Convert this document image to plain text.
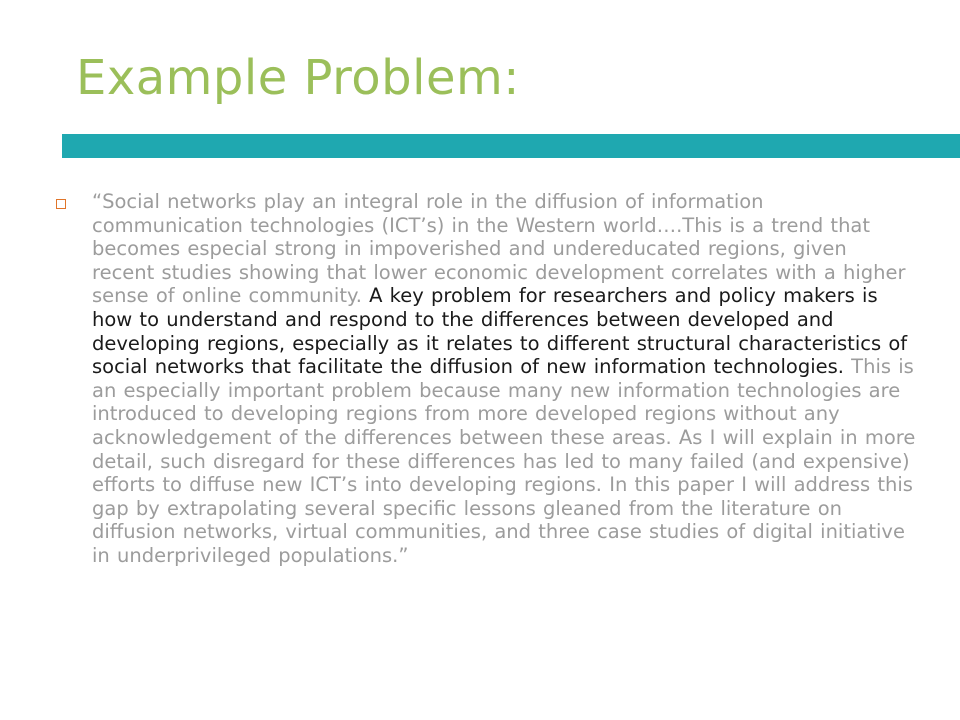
Example Problem:

“Social networks play an integral role in the diffusion of information communication technologies (ICT’s) in the Western world….This is a trend that becomes especial strong in impoverished and undereducated regions, given recent studies showing that lower economic development correlates with a higher sense of online community. A key problem for researchers and policy makers is how to understand and respond to the differences between developed and developing regions, especially as it relates to different structural characteristics of social networks that facilitate the diffusion of new information technologies. This is an especially important problem because many new information technologies are introduced to developing regions from more developed regions without any acknowledgement of the differences between these areas. As I will explain in more detail, such disregard for these differences has led to many failed (and expensive) efforts to diffuse new ICT’s into developing regions. In this paper I will address this gap by extrapolating several specific lessons gleaned from the literature on diffusion networks, virtual communities, and three case studies of digital initiative in underprivileged populations.”
